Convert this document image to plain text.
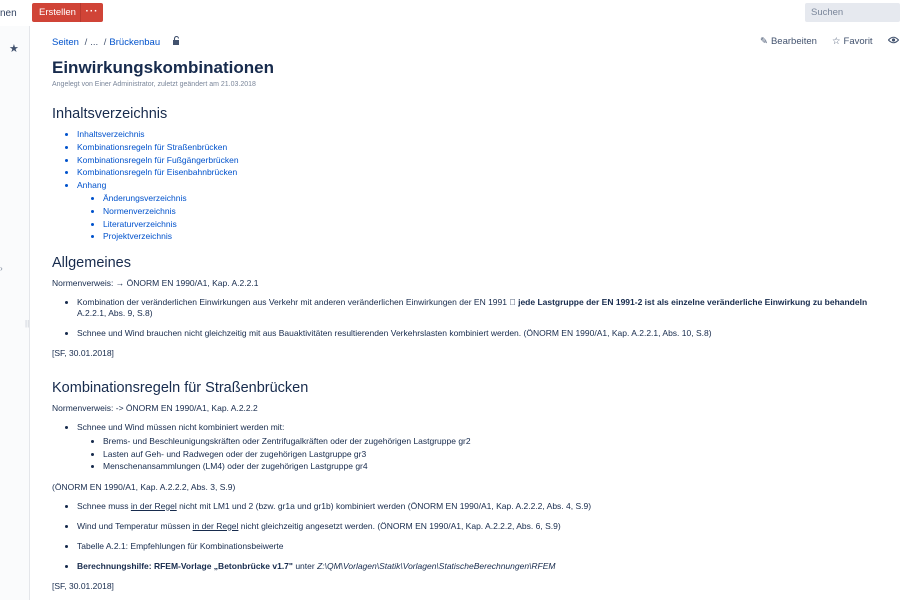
nen	Erstellen ···	Suchen
★
›
||
Seiten / ... / Brückenbau	✎ Bearbeiten ☆ Favorit
Einwirkungskombinationen
Angelegt von Einer Administrator, zuletzt geändert am 21.03.2018
Inhaltsverzeichnis
• Inhaltsverzeichnis
• Kombinationsregeln für Straßenbrücken
• Kombinationsregeln für Fußgängerbrücken
• Kombinationsregeln für Eisenbahnbrücken
• Anhang
• Änderungsverzeichnis
• Normenverzeichnis
• Literaturverzeichnis
• Projektverzeichnis
Allgemeines
Normenverweis: → ÖNORM EN 1990/A1, Kap. A.2.2.1
• Kombination der veränderlichen Einwirkungen aus Verkehr mit anderen veränderlichen Einwirkungen der EN 1991 jede Lastgruppe der EN 1991-2 ist als einzelne veränderliche Einwirkung zu behandeln
A.2.2.1, Abs. 9, S.8)
• Schnee und Wind brauchen nicht gleichzeitig mit aus Bauaktivitäten resultierenden Verkehrslasten kombiniert werden. (ÖNORM EN 1990/A1, Kap. A.2.2.1, Abs. 10, S.8)
[SF, 30.01.2018]
Kombinationsregeln für Straßenbrücken
Normenverweis: -> ÖNORM EN 1990/A1, Kap. A.2.2.2
• Schnee und Wind müssen nicht kombiniert werden mit:
• Brems- und Beschleunigungskräften oder Zentrifugalkräften oder der zugehörigen Lastgruppe gr2
• Lasten auf Geh- und Radwegen oder der zugehörigen Lastgruppe gr3
• Menschenansammlungen (LM4) oder der zugehörigen Lastgruppe gr4
(ÖNORM EN 1990/A1, Kap. A.2.2.2, Abs. 3, S.9)
• Schnee muss in der Regel nicht mit LM1 und 2 (bzw. gr1a und gr1b) kombiniert werden (ÖNORM EN 1990/A1, Kap. A.2.2.2, Abs. 4, S.9)
• Wind und Temperatur müssen in der Regel nicht gleichzeitig angesetzt werden. (ÖNORM EN 1990/A1, Kap. A.2.2.2, Abs. 6, S.9)
• Tabelle A.2.1: Empfehlungen für Kombinationsbeiwerte
• Berechnungshilfe: RFEM-Vorlage „Betonbrücke v1.7" unter Z:\QM\Vorlagen\Statik\Vorlagen\StatischeBerechnungen\RFEM
[SF, 30.01.2018]
